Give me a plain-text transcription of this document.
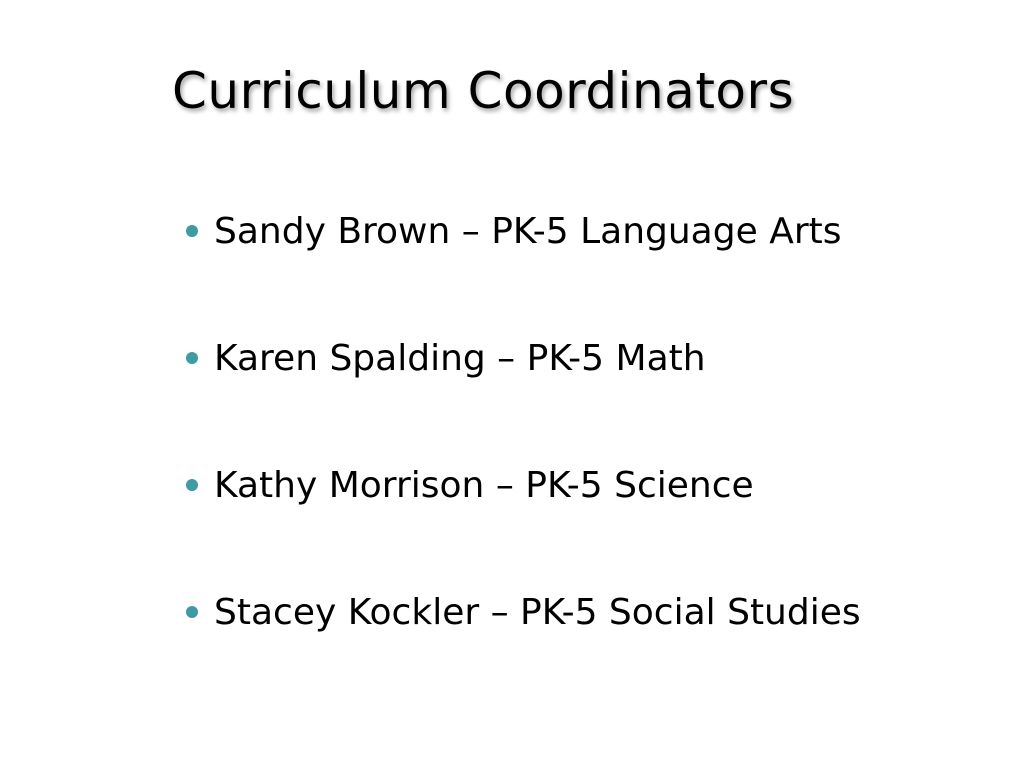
Curriculum Coordinators
Sandy Brown – PK-5 Language Arts
Karen Spalding – PK-5 Math
Kathy Morrison – PK-5 Science
Stacey Kockler – PK-5 Social Studies
